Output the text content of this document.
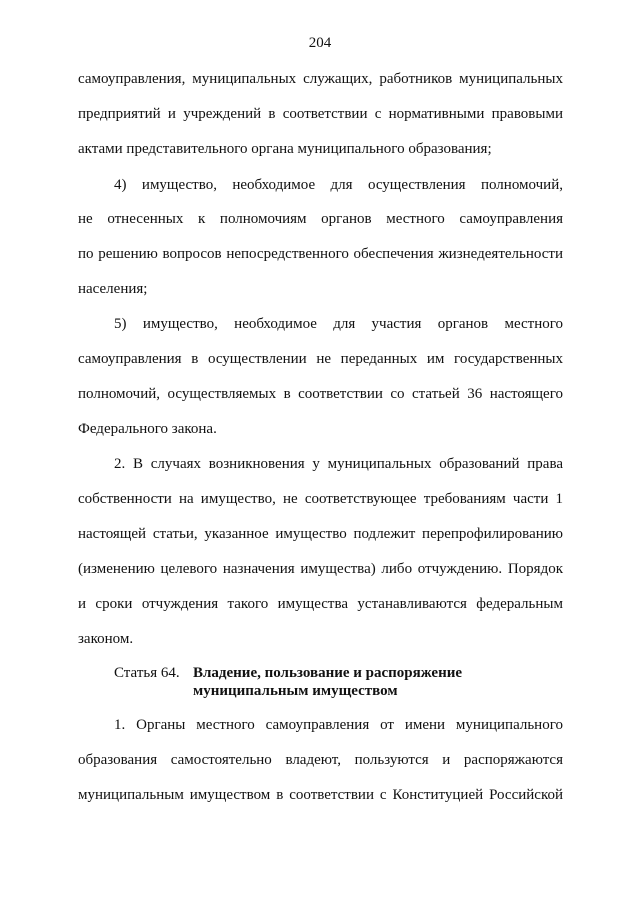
204
самоуправления, муниципальных служащих, работников муниципальных
предприятий и учреждений в соответствии с нормативными правовыми
актами представительного органа муниципального образования;
4) имущество, необходимое для осуществления полномочий,
не отнесенных к полномочиям органов местного самоуправления
по решению вопросов непосредственного обеспечения жизнедеятельности
населения;
5) имущество, необходимое для участия органов местного
самоуправления в осуществлении не переданных им государственных
полномочий, осуществляемых в соответствии со статьей 36 настоящего
Федерального закона.
2. В случаях возникновения у муниципальных образований права
собственности на имущество, не соответствующее требованиям части 1
настоящей статьи, указанное имущество подлежит перепрофилированию
(изменению целевого назначения имущества) либо отчуждению. Порядок
и сроки отчуждения такого имущества устанавливаются федеральным
законом.
Статья 64. Владение, пользование и распоряжение
муниципальным имуществом
1. Органы местного самоуправления от имени муниципального
образования самостоятельно владеют, пользуются и распоряжаются
муниципальным имуществом в соответствии с Конституцией Российской
